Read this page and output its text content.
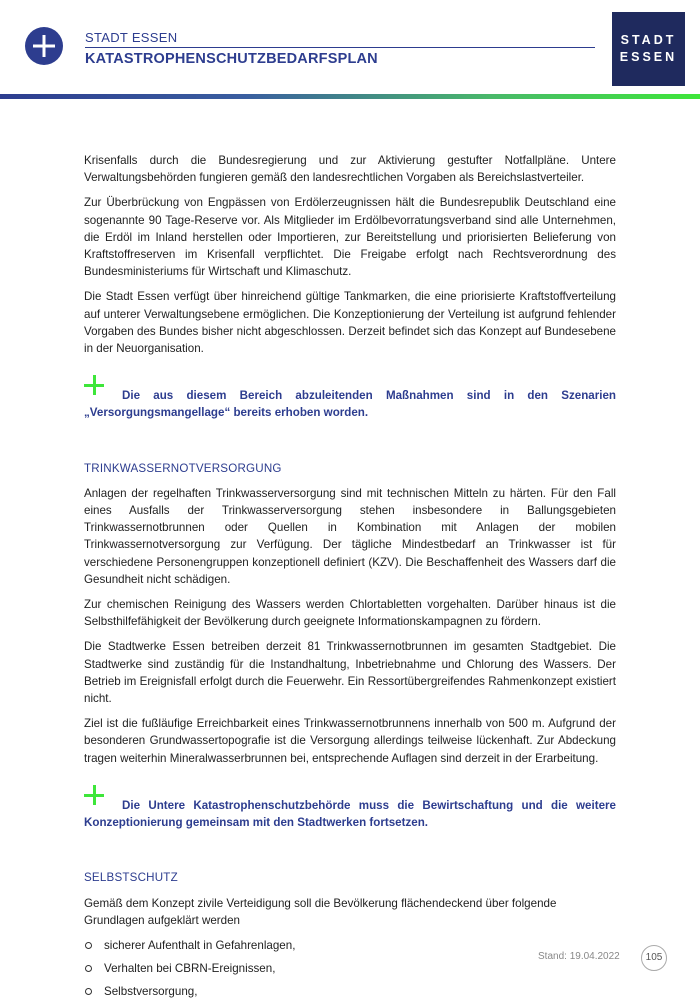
STADT ESSEN
KATASTROPHENSCHUTZBEDARFSPLAN
STADT
ESSEN

Krisenfalls durch die Bundesregierung und zur Aktivierung gestufter Notfallpläne. Untere Verwaltungsbehörden fungieren gemäß den landesrechtlichen Vorgaben als Bereichslastverteiler.

Zur Überbrückung von Engpässen von Erdölerzeugnissen hält die Bundesrepublik Deutschland eine sogenannte 90 Tage-Reserve vor. Als Mitglieder im Erdölbevorratungsverband sind alle Unternehmen, die Erdöl im Inland herstellen oder Importieren, zur Bereitstellung und priorisierten Belieferung von Kraftstoffreserven im Krisenfall verpflichtet. Die Freigabe erfolgt nach Rechtsverordnung des Bundesministeriums für Wirtschaft und Klimaschutz.

Die Stadt Essen verfügt über hinreichend gültige Tankmarken, die eine priorisierte Kraftstoffverteilung auf unterer Verwaltungsebene ermöglichen. Die Konzeptionierung der Verteilung ist aufgrund fehlender Vorgaben des Bundes bisher nicht abgeschlossen. Derzeit befindet sich das Konzept auf Bundesebene in der Neuorganisation.

Die aus diesem Bereich abzuleitenden Maßnahmen sind in den Szenarien „Versorgungsmangellage“ bereits erhoben worden.

TRINKWASSERNOTVERSORGUNG

Anlagen der regelhaften Trinkwasserversorgung sind mit technischen Mitteln zu härten. Für den Fall eines Ausfalls der Trinkwasserversorgung stehen insbesondere in Ballungsgebieten Trinkwassernotbrunnen oder Quellen in Kombination mit Anlagen der mobilen Trinkwassernotversorgung zur Verfügung. Der tägliche Mindestbedarf an Trinkwasser ist für verschiedene Personengruppen konzeptionell definiert (KZV). Die Beschaffenheit des Wassers darf die Gesundheit nicht schädigen.

Zur chemischen Reinigung des Wassers werden Chlortabletten vorgehalten. Darüber hinaus ist die Selbsthilfefähigkeit der Bevölkerung durch geeignete Informationskampagnen zu fördern.

Die Stadtwerke Essen betreiben derzeit 81 Trinkwassernotbrunnen im gesamten Stadtgebiet. Die Stadtwerke sind zuständig für die Instandhaltung, Inbetriebnahme und Chlorung des Wassers. Der Betrieb im Ereignisfall erfolgt durch die Feuerwehr. Ein Ressortübergreifendes Rahmenkonzept existiert nicht.

Ziel ist die fußläufige Erreichbarkeit eines Trinkwassernotbrunnens innerhalb von 500 m. Aufgrund der besonderen Grundwassertopografie ist die Versorgung allerdings teilweise lückenhaft. Zur Abdeckung tragen weiterhin Mineralwasserbrunnen bei, entsprechende Auflagen sind derzeit in der Erarbeitung.

Die Untere Katastrophenschutzbehörde muss die Bewirtschaftung und die weitere Konzeptionierung gemeinsam mit den Stadtwerken fortsetzen.

SELBSTSCHUTZ

Gemäß dem Konzept zivile Verteidigung soll die Bevölkerung flächendeckend über folgende Grundlagen aufgeklärt werden

sicherer Aufenthalt in Gefahrenlagen,
Verhalten bei CBRN-Ereignissen,
Selbstversorgung,
Stand: 19.04.2022	105
